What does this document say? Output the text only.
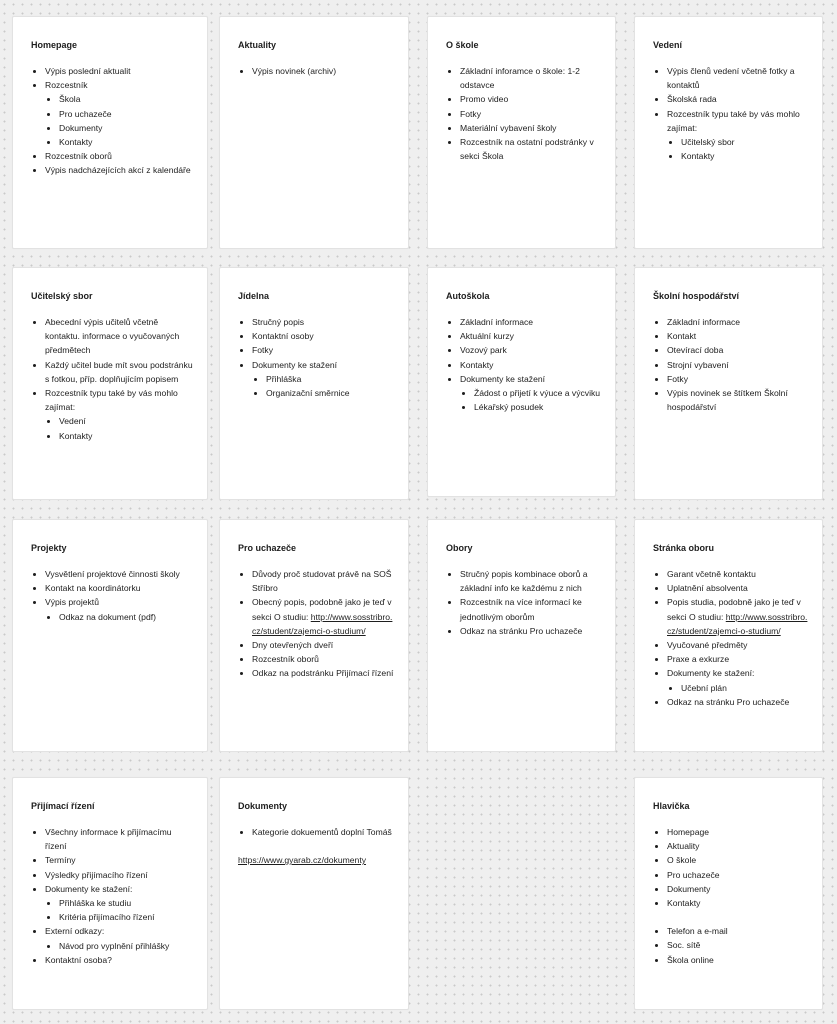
Homepage
• Výpis poslední aktualit
• Rozcestník
• Škola
• Pro uchazeče
• Dokumenty
• Kontakty
• Rozcestník oborů
• Výpis nadcházejících akcí z kalendáře
Aktuality
• Výpis novinek (archiv)
O škole
• Základní inforamce o škole: 1-2 odstavce
• Promo video
• Fotky
• Materiální vybavení školy
• Rozcestník na ostatní podstránky v sekci Škola
Vedení
• Výpis členů vedení včetně fotky a kontaktů
• Školská rada
• Rozcestník typu také by vás mohlo zajímat:
• Učitelský sbor
• Kontakty
Učitelský sbor
• Abecední výpis učitelů včetně kontaktu. informace o vyučovaných předmětech
• Každý učitel bude mít svou podstránku s fotkou, příp. doplňujícím popisem
• Rozcestník typu také by vás mohlo zajímat:
• Vedení
• Kontakty
Jídelna
• Stručný popis
• Kontaktní osoby
• Fotky
• Dokumenty ke stažení
• Přihláška
• Organizační směrnice
Autoškola
• Základní informace
• Aktuální kurzy
• Vozový park
• Kontakty
• Dokumenty ke stažení
• Žádost o přijetí k výuce a výcviku
• Lékařský posudek
Školní hospodářství
• Základní informace
• Kontakt
• Otevírací doba
• Strojní vybavení
• Fotky
• Výpis novinek se štítkem Školní hospodářství
Projekty
• Vysvětlení projektové činnosti školy
• Kontakt na koordinátorku
• Výpis projektů
• Odkaz na dokument (pdf)
Pro uchazeče
• Důvody proč studovat právě na SOŠ Stříbro
• Obecný popis, podobně jako je teď v sekci O studiu: http://www.sosstribro.cz/student/zajemci-o-studium/
• Dny otevřených dveří
• Rozcestník oborů
• Odkaz na podstránku Přijímací řízení
Obory
• Stručný popis kombinace oborů a základní info ke každému z nich
• Rozcestník na více informací ke jednotlivým oborům
• Odkaz na stránku Pro uchazeče
Stránka oboru
• Garant včetně kontaktu
• Uplatnění absolventa
• Popis studia, podobně jako je teď v sekci O studiu: http://www.sosstribro.cz/student/zajemci-o-studium/
• Vyučované předměty
• Praxe a exkurze
• Dokumenty ke stažení:
• Učební plán
• Odkaz na stránku Pro uchazeče
Přijímací řízení
• Všechny informace k přijímacímu řízení
• Termíny
• Výsledky přijímacího řízení
• Dokumenty ke stažení:
• Přihláška ke studiu
• Kritéria přijímacího řízení
• Externí odkazy:
• Návod pro vyplnění přihlášky
• Kontaktní osoba?
Dokumenty
• Kategorie dokuementů doplní Tomáš
https://www.gyarab.cz/dokumenty
Hlavička
• Homepage
• Aktuality
• O škole
• Pro uchazeče
• Dokumenty
• Kontakty
• Telefon a e-mail
• Soc. sítě
• Škola online
